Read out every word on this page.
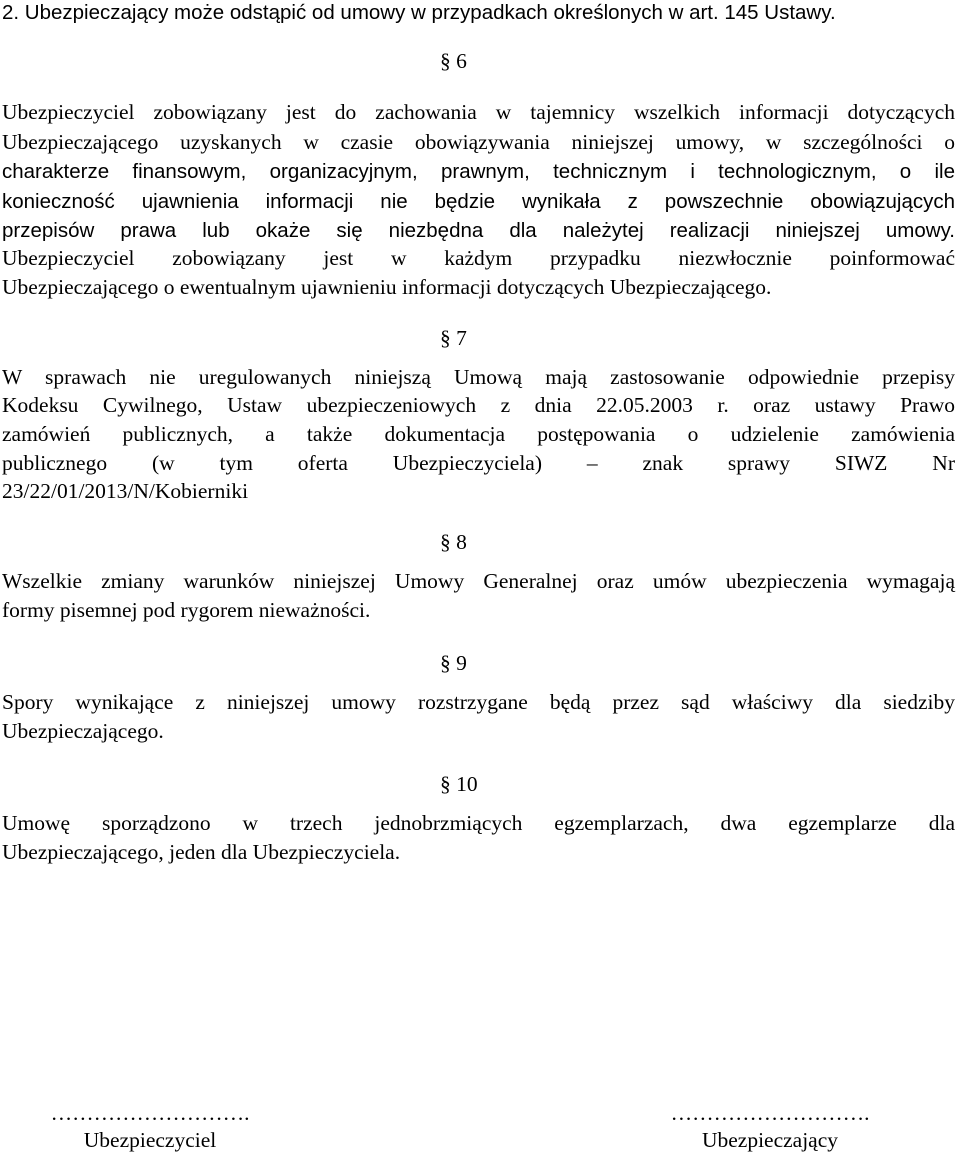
2. Ubezpieczający może odstąpić od umowy w przypadkach określonych w art. 145 Ustawy.
§ 6
Ubezpieczyciel zobowiązany jest do zachowania w tajemnicy wszelkich informacji dotyczących
Ubezpieczającego uzyskanych w czasie obowiązywania niniejszej umowy, w szczególności o
charakterze finansowym, organizacyjnym, prawnym, technicznym i technologicznym, o ile
konieczność ujawnienia informacji nie będzie wynikała z powszechnie obowiązujących
przepisów prawa lub okaże się niezbędna dla należytej realizacji niniejszej umowy.
Ubezpieczyciel zobowiązany jest w każdym przypadku niezwłocznie poinformować
Ubezpieczającego o ewentualnym ujawnieniu informacji dotyczących Ubezpieczającego.
§ 7
W sprawach nie uregulowanych niniejszą Umową mają zastosowanie odpowiednie przepisy
Kodeksu Cywilnego, Ustaw ubezpieczeniowych z dnia 22.05.2003 r. oraz ustawy Prawo
zamówień publicznych, a także dokumentacja postępowania o udzielenie zamówienia
publicznego (w tym oferta Ubezpieczyciela) – znak sprawy SIWZ Nr
23/22/01/2013/N/Kobierniki
§ 8
Wszelkie zmiany warunków niniejszej Umowy Generalnej oraz umów ubezpieczenia wymagają
formy pisemnej pod rygorem nieważności.
§ 9
Spory wynikające z niniejszej umowy rozstrzygane będą przez sąd właściwy dla siedziby
Ubezpieczającego.
§ 10
Umowę sporządzono w trzech jednobrzmiących egzemplarzach, dwa egzemplarze dla
Ubezpieczającego, jeden dla Ubezpieczyciela.
……………………….
Ubezpieczyciel
……………………….
Ubezpieczający
